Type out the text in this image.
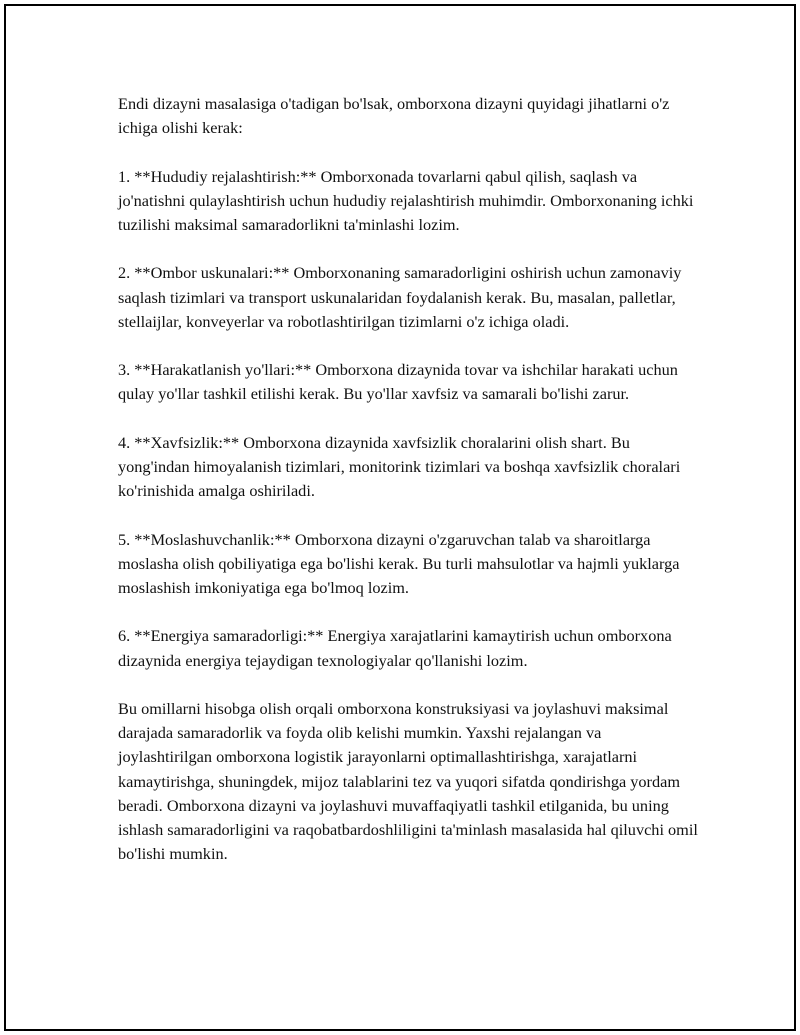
Endi dizayni masalasiga o'tadigan bo'lsak, omborxona dizayni quyidagi jihatlarni o'z ichiga olishi kerak:

1. **Hududiy rejalashtirish:** Omborxonada tovarlarni qabul qilish, saqlash va jo'natishni qulaylashtirish uchun hududiy rejalashtirish muhimdir. Omborxonaning ichki tuzilishi maksimal samaradorlikni ta'minlashi lozim.

2. **Ombor uskunalari:** Omborxonaning samaradorligini oshirish uchun zamonaviy saqlash tizimlari va transport uskunalaridan foydalanish kerak. Bu, masalan, palletlar, stellaijlar, konveyerlar va robotlashtirilgan tizimlarni o'z ichiga oladi.

3. **Harakatlanish yo'llari:** Omborxona dizaynida tovar va ishchilar harakati uchun qulay yo'llar tashkil etilishi kerak. Bu yo'llar xavfsiz va samarali bo'lishi zarur.

4. **Xavfsizlik:** Omborxona dizaynida xavfsizlik choralarini olish shart. Bu yong'indan himoyalanish tizimlari, monitorink tizimlari va boshqa xavfsizlik choralari ko'rinishida amalga oshiriladi.

5. **Moslashuvchanlik:** Omborxona dizayni o'zgaruvchan talab va sharoitlarga moslasha olish qobiliyatiga ega bo'lishi kerak. Bu turli mahsulotlar va hajmli yuklarga moslashish imkoniyatiga ega bo'lmoq lozim.

6. **Energiya samaradorligi:** Energiya xarajatlarini kamaytirish uchun omborxona dizaynida energiya tejaydigan texnologiyalar qo'llanishi lozim.

Bu omillarni hisobga olish orqali omborxona konstruksiyasi va joylashuvi maksimal darajada samaradorlik va foyda olib kelishi mumkin. Yaxshi rejalangan va joylashtirilgan omborxona logistik jarayonlarni optimallashtirishga, xarajatlarni kamaytirishga, shuningdek, mijoz talablarini tez va yuqori sifatda qondirishga yordam beradi. Omborxona dizayni va joylashuvi muvaffaqiyatli tashkil etilganida, bu uning ishlash samaradorligini va raqobatbardoshliligini ta'minlash masalasida hal qiluvchi omil bo'lishi mumkin.
